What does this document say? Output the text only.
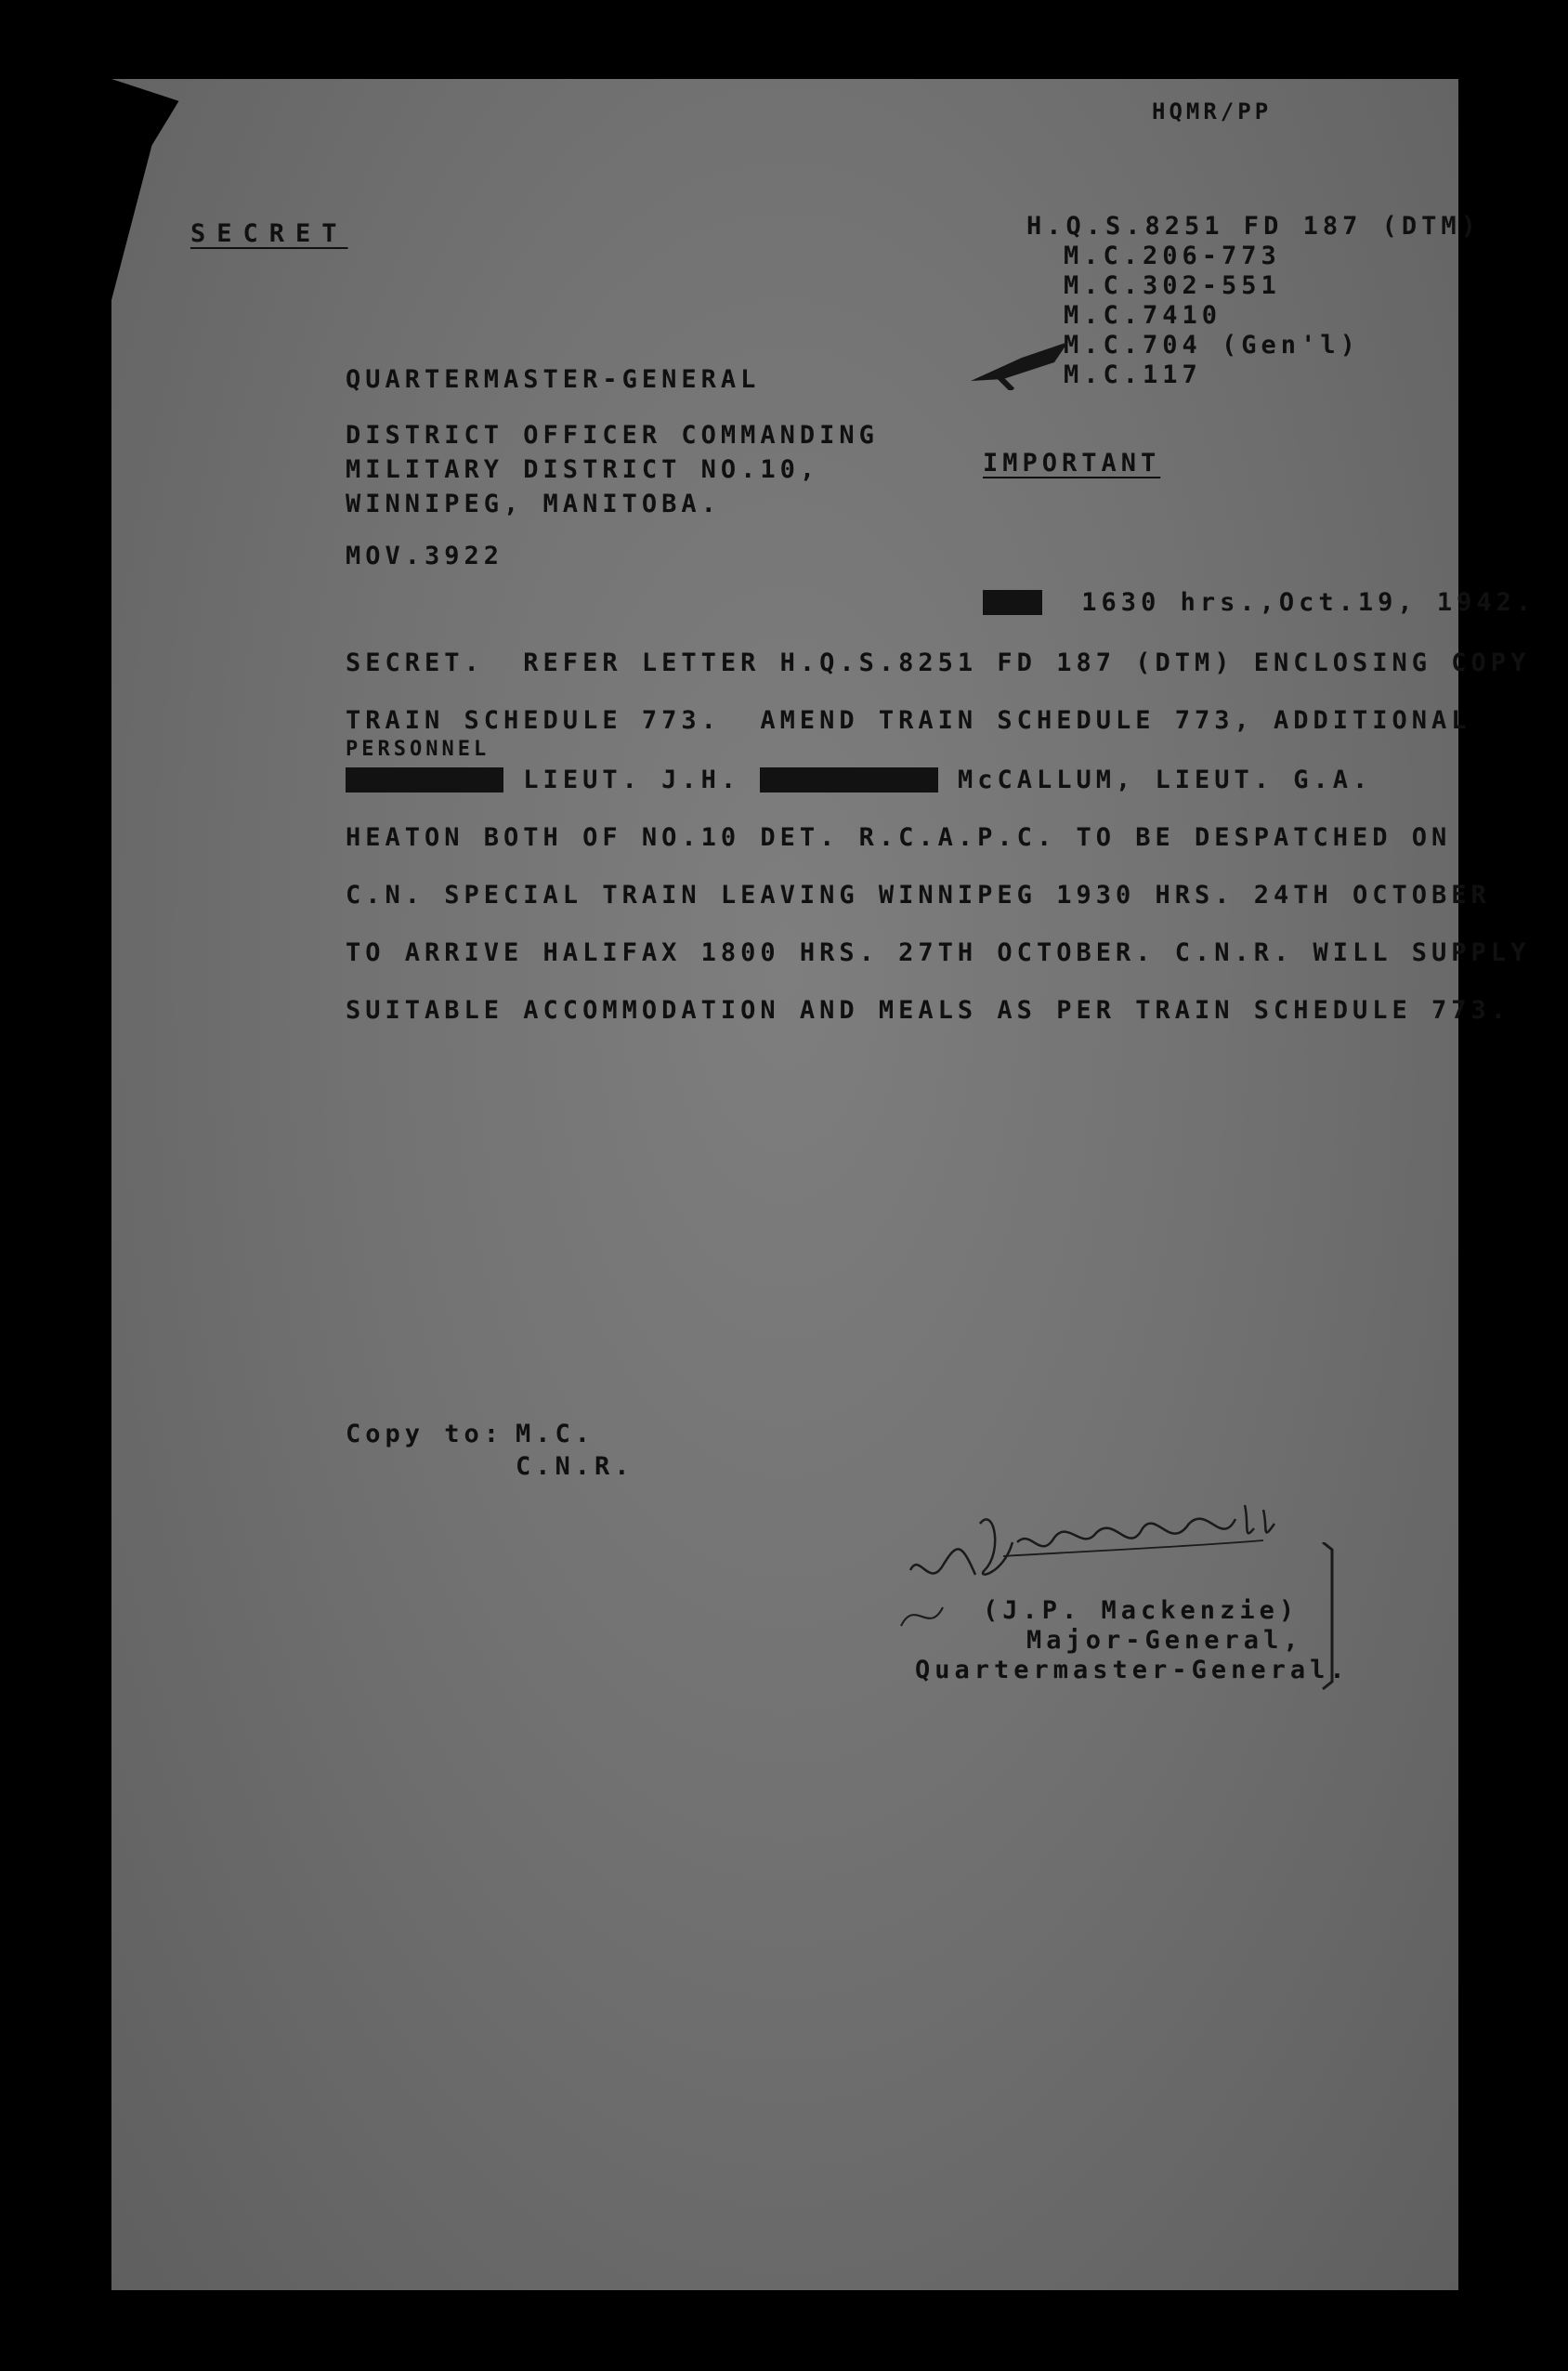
HQMR/PP
SECRET	H.Q.S.8251 FD 187 (DTM)
M.C.206-773
M.C.302-551
M.C.7410
M.C.704 (Gen'l)
M.C.117
QUARTERMASTER-GENERAL
DISTRICT OFFICER COMMANDING
MILITARY DISTRICT NO.10,
WINNIPEG, MANITOBA.
IMPORTANT
MOV.3922
XXX 1630 hrs.,Oct.19, 1942.
SECRET.  REFER LETTER H.Q.S.8251 FD 187 (DTM) ENCLOSING COPY
TRAIN SCHEDULE 773.  AMEND TRAIN SCHEDULE 773, ADDITIONAL
PERSONNEL
XXXXXXXX LIEUT. J.H. XXXXXXXXX McCALLUM, LIEUT. G.A.
HEATON BOTH OF NO.10 DET. R.C.A.P.C. TO BE DESPATCHED ON
C.N. SPECIAL TRAIN LEAVING WINNIPEG 1930 HRS. 24TH OCTOBER
TO ARRIVE HALIFAX 1800 HRS. 27TH OCTOBER. C.N.R. WILL SUPPLY
SUITABLE ACCOMMODATION AND MEALS AS PER TRAIN SCHEDULE 773.
Copy to: M.C.
C.N.R.
(J.P. Mackenzie)
Major-General,
Quartermaster-General.
